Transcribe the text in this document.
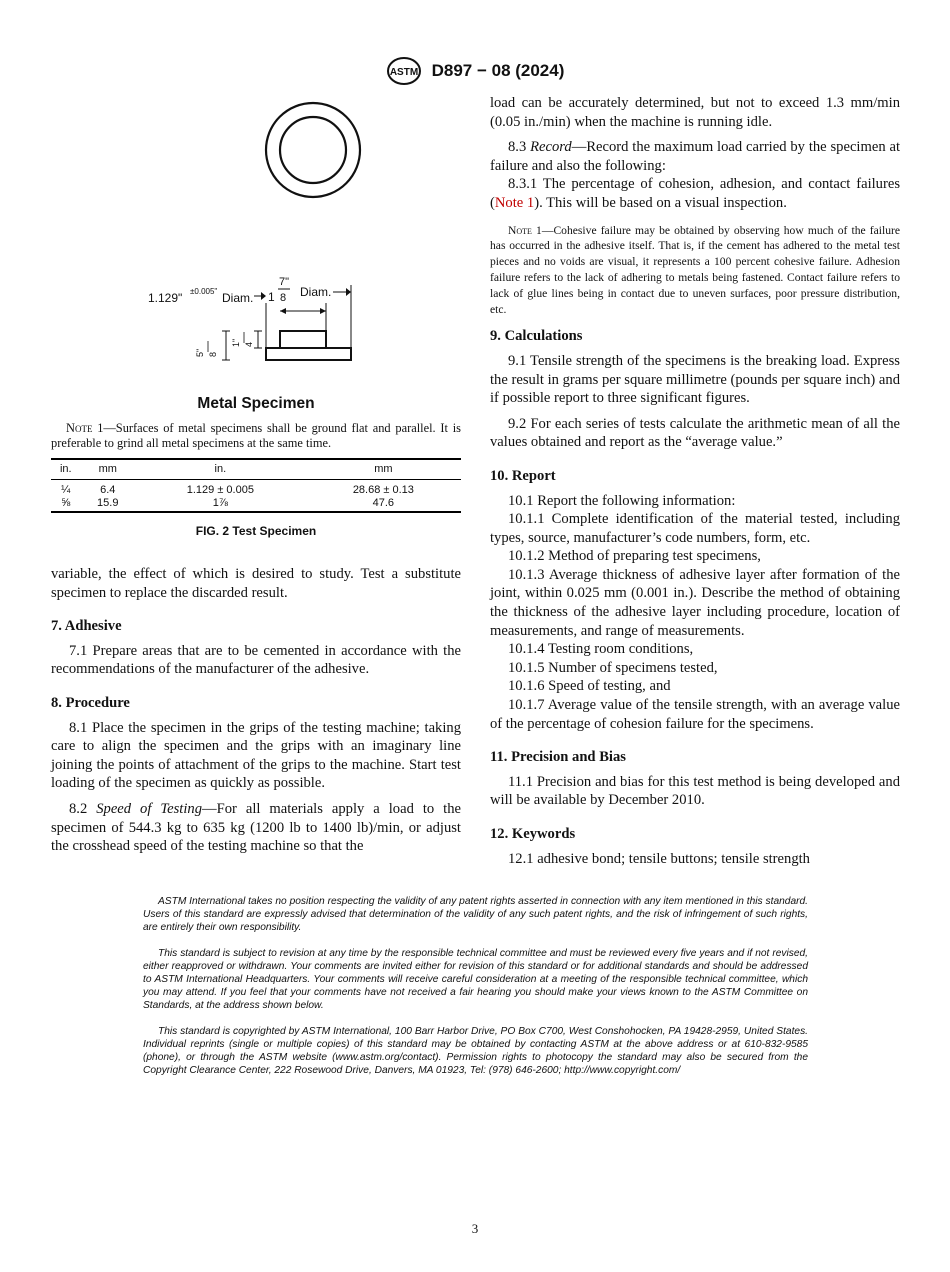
ASTM D897 − 08 (2024)
1.129" ±0.005" Diam. 1
7"
8 Diam.
5" 8
1" 4
Metal Specimen
Note 1—Surfaces of metal specimens shall be ground flat and parallel. It is preferable to grind all metal specimens at the same time.
in.	mm	in.	mm
¼	6.4	1.129 ± 0.005	28.68 ± 0.13
⅝	15.9	1⅞	47.6
FIG. 2 Test Specimen

variable, the effect of which is desired to study. Test a substitute specimen to replace the discarded result.

7. Adhesive

7.1 Prepare areas that are to be cemented in accordance with the recommendations of the manufacturer of the adhesive.

8. Procedure

8.1 Place the specimen in the grips of the testing machine; taking care to align the specimen and the grips with an imaginary line joining the points of attachment of the grips to the machine. Start test loading of the specimen as quickly as possible.

8.2 Speed of Testing—For all materials apply a load to the specimen of 544.3 kg to 635 kg (1200 lb to 1400 lb)/min, or adjust the crosshead speed of the testing machine so that the

load can be accurately determined, but not to exceed 1.3 mm/min (0.05 in./min) when the machine is running idle.

8.3 Record—Record the maximum load carried by the specimen at failure and also the following:

8.3.1 The percentage of cohesion, adhesion, and contact failures (Note 1). This will be based on a visual inspection.

Note 1—Cohesive failure may be obtained by observing how much of the failure has occurred in the adhesive itself. That is, if the cement has adhered to the metal test pieces and no voids are visual, it represents a 100 percent cohesive failure. Adhesion failure refers to the lack of adhering to metals being fastened. Contact failure refers to lack of glue lines being in contact due to uneven surfaces, poor pressure distribution, etc.

9. Calculations

9.1 Tensile strength of the specimens is the breaking load. Express the result in grams per square millimetre (pounds per square inch) and if possible report to three significant figures.

9.2 For each series of tests calculate the arithmetic mean of all the values obtained and report as the “average value.”

10. Report

10.1 Report the following information:

10.1.1 Complete identification of the material tested, including types, source, manufacturer’s code numbers, form, etc.

10.1.2 Method of preparing test specimens,

10.1.3 Average thickness of adhesive layer after formation of the joint, within 0.025 mm (0.001 in.). Describe the method of obtaining the thickness of the adhesive layer including procedure, location of measurements, and range of measurements.

10.1.4 Testing room conditions,

10.1.5 Number of specimens tested,

10.1.6 Speed of testing, and

10.1.7 Average value of the tensile strength, with an average value of the percentage of cohesion failure for the specimens.

11. Precision and Bias

11.1 Precision and bias for this test method is being developed and will be available by December 2010.

12. Keywords

12.1 adhesive bond; tensile buttons; tensile strength

ASTM International takes no position respecting the validity of any patent rights asserted in connection with any item mentioned in this standard. Users of this standard are expressly advised that determination of the validity of any such patent rights, and the risk of infringement of such rights, are entirely their own responsibility.

This standard is subject to revision at any time by the responsible technical committee and must be reviewed every five years and if not revised, either reapproved or withdrawn. Your comments are invited either for revision of this standard or for additional standards and should be addressed to ASTM International Headquarters. Your comments will receive careful consideration at a meeting of the responsible technical committee, which you may attend. If you feel that your comments have not received a fair hearing you should make your views known to the ASTM Committee on Standards, at the address shown below.

This standard is copyrighted by ASTM International, 100 Barr Harbor Drive, PO Box C700, West Conshohocken, PA 19428-2959, United States. Individual reprints (single or multiple copies) of this standard may be obtained by contacting ASTM at the above address or at 610-832-9585 (phone), or through the ASTM website (www.astm.org/contact). Permission rights to photocopy the standard may also be secured from the Copyright Clearance Center, 222 Rosewood Drive, Danvers, MA 01923, Tel: (978) 646-2600; http://www.copyright.com/

3
